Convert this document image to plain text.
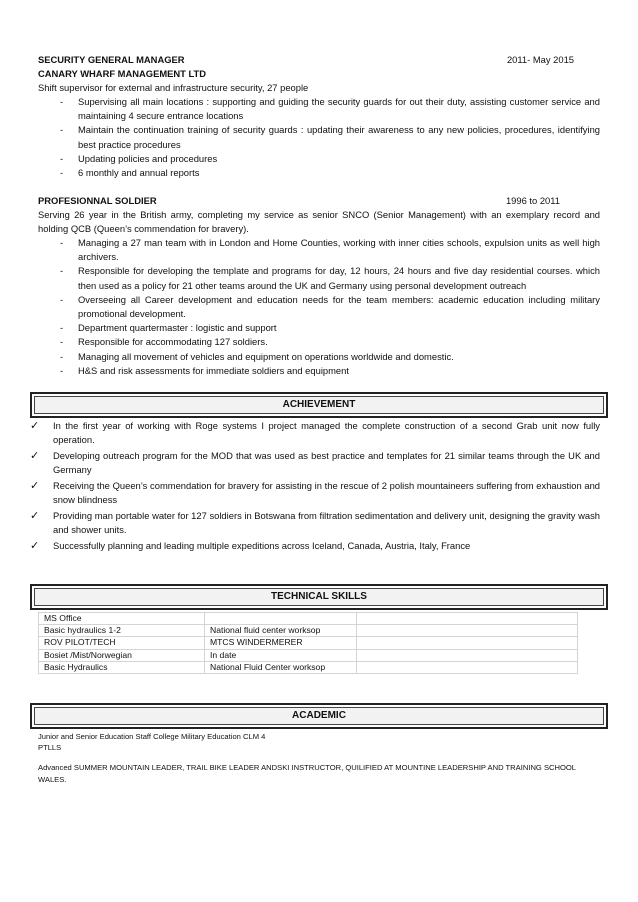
SECURITY GENERAL MANAGER	2011- May 2015
CANARY WHARF MANAGEMENT LTD
Shift supervisor for external and infrastructure security, 27 people
- Supervising all main locations : supporting and guiding the security guards for out their duty, assisting customer service and maintaining 4 secure entrance locations
- Maintain the continuation training of security guards : updating their awareness to any new policies, procedures, identifying best practice procedures
- Updating policies and procedures
- 6 monthly and annual reports
PROFESIONNAL SOLDIER	1996 to 2011
Serving 26 year in the British army, completing my service as senior SNCO (Senior Management) with an exemplary record and holding QCB (Queen’s commendation for bravery).
- Managing a 27 man team with in London and Home Counties, working with inner cities schools, expulsion units as well high archivers.
- Responsible for developing the template and programs for day, 12 hours, 24 hours and five day residential courses. which then used as a policy for 21 other teams around the UK and Germany using personal development outreach
- Overseeing all Career development and education needs for the team members: academic education including military promotional development.
- Department quartermaster : logistic and support
- Responsible for accommodating 127 soldiers.
- Managing all movement of vehicles and equipment on operations worldwide and domestic.
- H&S and risk assessments for immediate soldiers and equipment
ACHIEVEMENT
✓ In the first year of working with Roge systems I project managed the complete construction of a second Grab unit now fully operation.
✓ Developing outreach program for the MOD that was used as best practice and templates for 21 similar teams through the UK and Germany
✓ Receiving the Queen’s commendation for bravery for assisting in the rescue of 2 polish mountaineers suffering from exhaustion and snow blindness
✓ Providing man portable water for 127 soldiers in Botswana from filtration sedimentation and delivery unit, designing the gravity wash and shower units.
✓ Successfully planning and leading multiple expeditions across Iceland, Canada, Austria, Italy, France
TECHNICAL SKILLS
MS Office		
Basic hydraulics 1-2	National fluid center worksop	
ROV PILOT/TECH	MTCS WINDERMERER	
Bosiet /Mist/Norwegian	In date	
Basic Hydraulics	National Fluid Center worksop	
ACADEMIC
Junior and Senior Education Staff College Military Education CLM 4
PTLLS
Advanced SUMMER MOUNTAIN LEADER, TRAIL BIKE LEADER ANDSKI INSTRUCTOR, QUILIFIED AT MOUNTINE LEADERSHIP AND TRAINING SCHOOL WALES.
